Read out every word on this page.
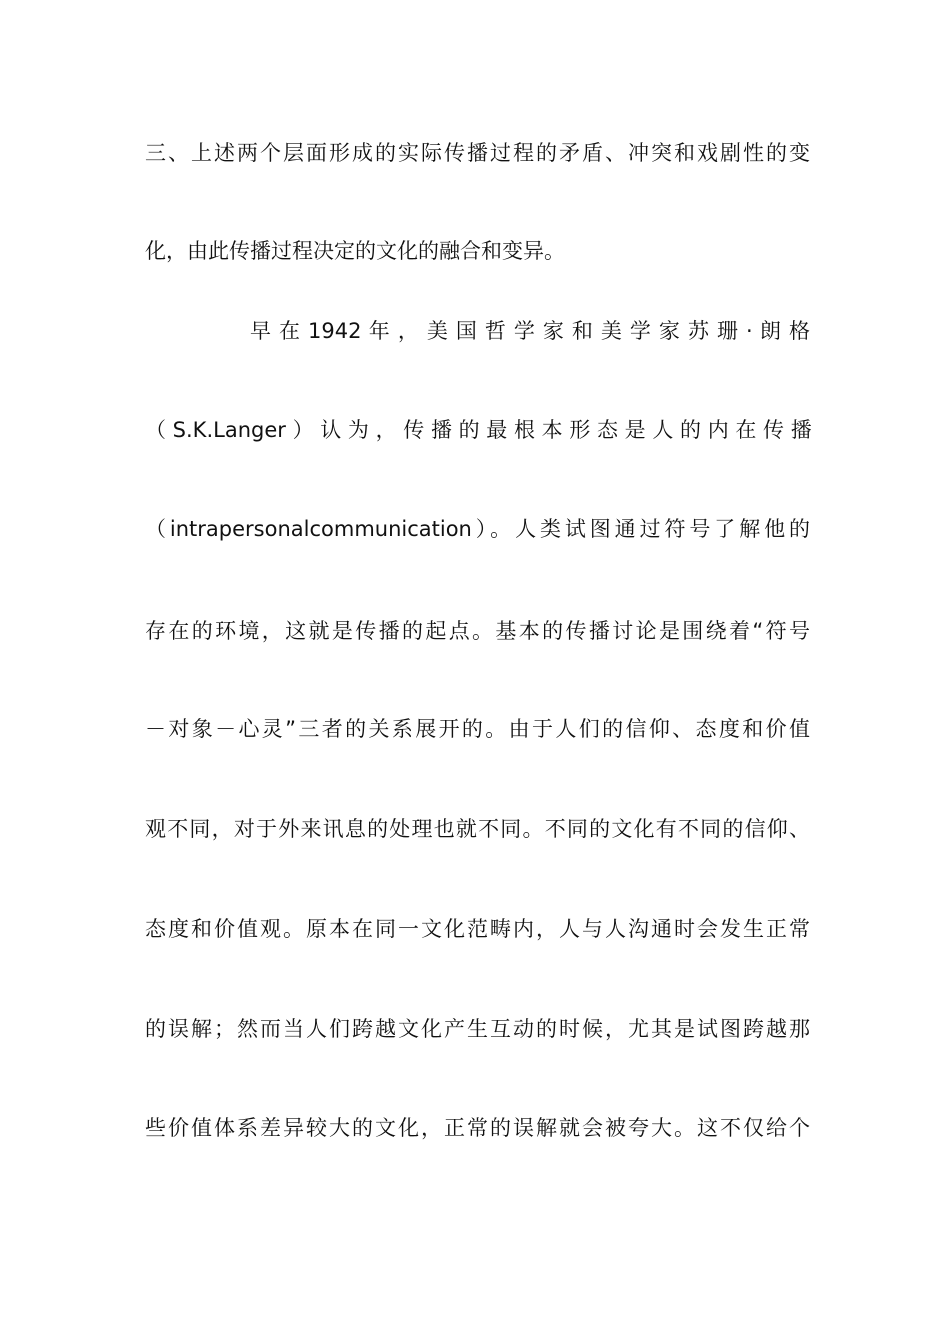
三、上述两个层面形成的实际传播过程的矛盾、冲突和戏剧性的变
化，由此传播过程决定的文化的融合和变异。
早 在 1942 年 ， 美 国 哲 学 家 和 美 学 家 苏 珊 · 朗 格
（ S.K.Langer ） 认 为 ， 传 播 的 最 根 本 形 态 是 人 的 内 在 传 播
（intrapersonalcommunication）。人类试图通过符号了解他的
存在的环境，这就是传播的起点。基本的传播讨论是围绕着“符号
－对象－心灵”三者的关系展开的。由于人们的信仰、态度和价值
观不同，对于外来讯息的处理也就不同。不同的文化有不同的信仰、
态度和价值观。原本在同一文化范畴内，人与人沟通时会发生正常
的误解；然而当人们跨越文化产生互动的时候，尤其是试图跨越那
些价值体系差异较大的文化，正常的误解就会被夸大。这不仅给个
